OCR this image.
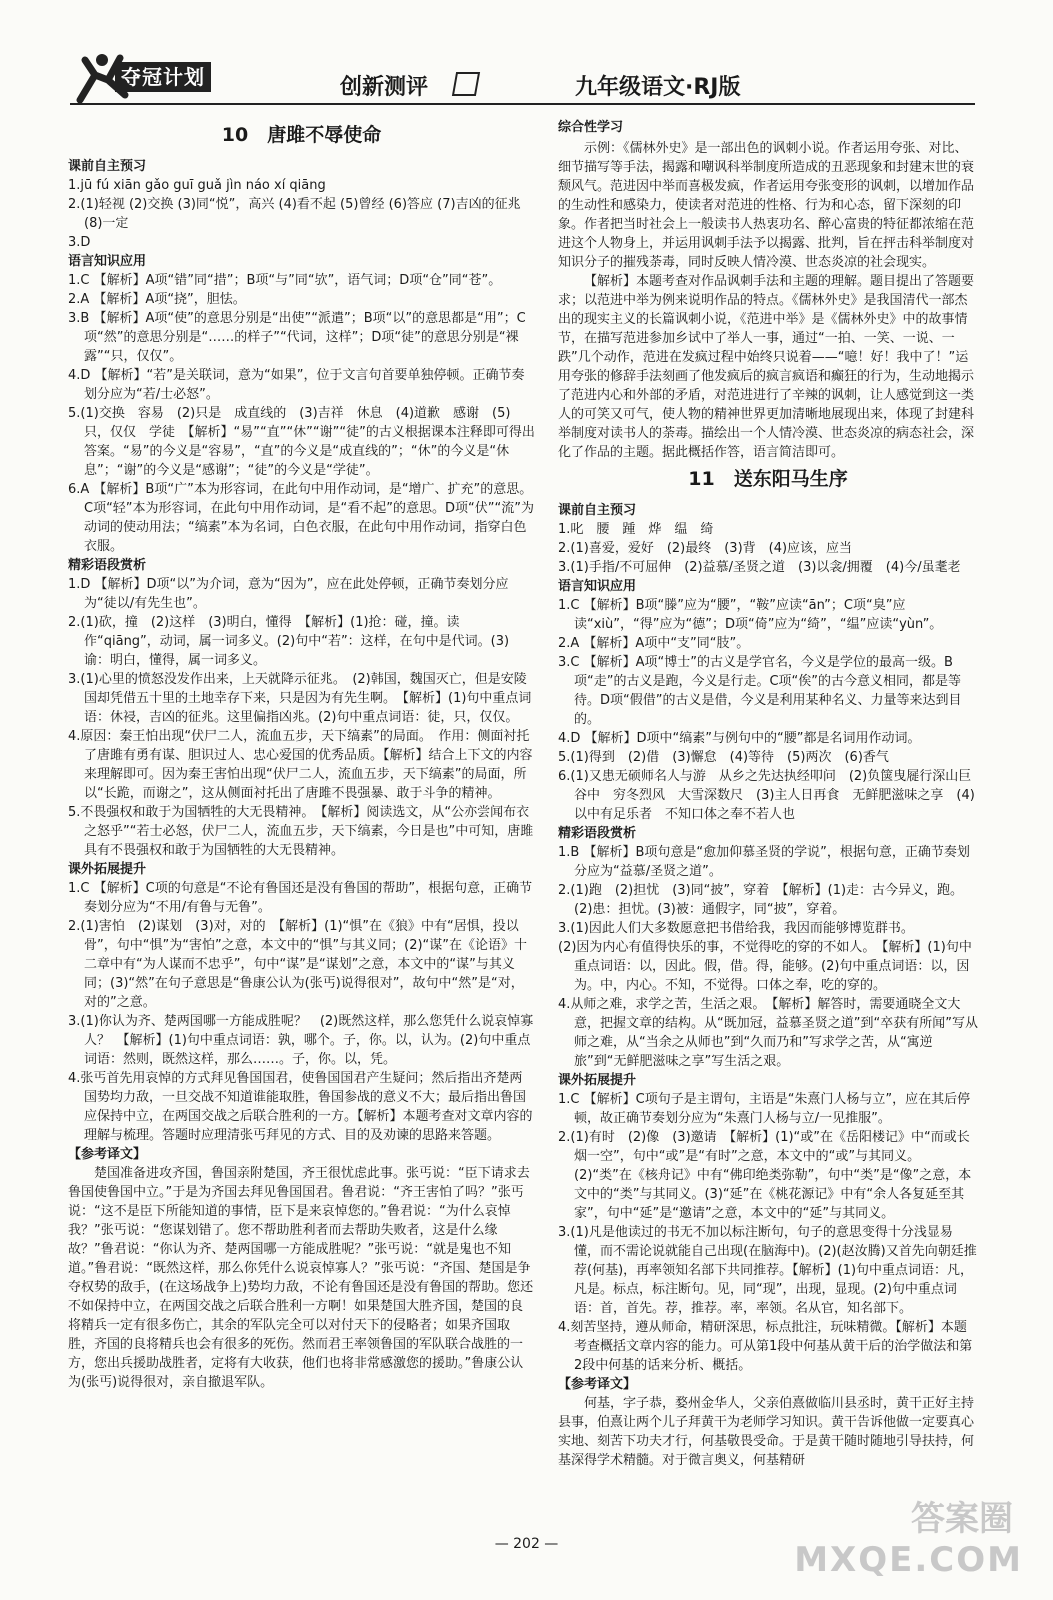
夺冠计划	创新测评	九年级语文·RJ版
10　唐雎不辱使命
课前自主预习
1.jū fú xiān gǎo guī guǎ jìn náo xí qiāng
2.(1)轻视 (2)交换 (3)同“悦”，高兴 (4)看不起 (5)曾经 (6)答应 (7)吉凶的征兆 (8)一定
3.D
语言知识应用
1.C 【解析】A项“错”同“措”；B项“与”同“欤”，语气词；D项“仓”同“苍”。
2.A 【解析】A项“挠”，胆怯。
3.B 【解析】A项“使”的意思分别是“出使”“派遣”；B项“以”的意思都是“用”；C项“然”的意思分别是“……的样子”“代词，这样”；D项“徒”的意思分别是“裸露”“只，仅仅”。
4.D 【解析】“若”是关联词，意为“如果”，位于文言句首要单独停顿。正确节奏划分应为“若/士必怒”。
5.(1)交换　容易　(2)只是　成直线的　(3)吉祥　休息　(4)道歉　感谢　(5)只，仅仅　学徒　【解析】“易”“直”“休”“谢”“徒”的古义根据课本注释即可得出答案。“易”的今义是“容易”，“直”的今义是“成直线的”；“休”的今义是“休息”；“谢”的今义是“感谢”；“徒”的今义是“学徒”。
6.A 【解析】B项“广”本为形容词，在此句中用作动词，是“增广、扩充”的意思。C项“轻”本为形容词，在此句中用作动词，是“看不起”的意思。D项“伏”“流”为动词的使动用法；“缟素”本为名词，白色衣服，在此句中用作动词，指穿白色衣服。
精彩语段赏析
1.D 【解析】D项“以”为介词，意为“因为”，应在此处停顿，正确节奏划分应为“徒以/有先生也”。
2.(1)砍，撞　(2)这样　(3)明白，懂得　【解析】(1)抢：碰，撞。读作“qiāng”，动词，属一词多义。(2)句中“若”：这样，在句中是代词。(3)谕：明白，懂得，属一词多义。
3.(1)心里的愤怒没发作出来，上天就降示征兆。　(2)韩国，魏国灭亡，但是安陵国却凭借五十里的土地幸存下来，只是因为有先生啊。　【解析】(1)句中重点词语：休祲，吉凶的征兆。这里偏指凶兆。(2)句中重点词语：徒，只，仅仅。
4.原因：秦王怕出现“伏尸二人，流血五步，天下缟素”的局面。　作用：侧面衬托了唐雎有勇有谋、胆识过人、忠心爱国的优秀品质。【解析】结合上下文的内容来理解即可。因为秦王害怕出现“伏尸二人，流血五步，天下缟素”的局面，所以“长跪，而谢之”，这从侧面衬托出了唐雎不畏强暴、敢于斗争的精神。
5.不畏强权和敢于为国牺牲的大无畏精神。　【解析】阅读选文，从“公亦尝闻布衣之怒乎”“若士必怒，伏尸二人，流血五步，天下缟素，今日是也”中可知，唐雎具有不畏强权和敢于为国牺牲的大无畏精神。
课外拓展提升
1.C 【解析】C项的句意是“不论有鲁国还是没有鲁国的帮助”，根据句意，正确节奏划分应为“不用/有鲁与无鲁”。
2.(1)害怕　(2)谋划　(3)对，对的　【解析】(1)“惧”在《狼》中有“居惧，投以骨”，句中“惧”为“害怕”之意，本文中的“惧”与其义同；(2)“谋”在《论语》十二章中有“为人谋而不忠乎”，句中“谋”是“谋划”之意，本文中的“谋”与其义同；(3)“然”在句子意思是“鲁康公认为(张丐)说得很对”，故句中“然”是“对，对的”之意。
3.(1)你认为齐、楚两国哪一方能成胜呢？　(2)既然这样，那么您凭什么说哀悼寡人？　【解析】(1)句中重点词语：孰，哪个。子，你。以，认为。(2)句中重点词语：然则，既然这样，那么……。子，你。以，凭。
4.张丐首先用哀悼的方式拜见鲁国国君，使鲁国国君产生疑问；然后指出齐楚两国势均力敌，一旦交战不知道谁能取胜，鲁国参战的意义不大；最后指出鲁国应保持中立，在两国交战之后联合胜利的一方。【解析】本题考查对文章内容的理解与梳理。答题时应理清张丐拜见的方式、目的及劝谏的思路来答题。
【参考译文】
楚国准备进攻齐国，鲁国亲附楚国，齐王很忧虑此事。张丐说：“臣下请求去鲁国使鲁国中立。”于是为齐国去拜见鲁国国君。鲁君说：“齐王害怕了吗？”张丐说：“这不是臣下所能知道的事情，臣下是来哀悼您的。”鲁君说：“为什么哀悼我？”张丐说：“您谋划错了。您不帮助胜利者而去帮助失败者，这是什么缘故？”鲁君说：“你认为齐、楚两国哪一方能成胜呢？”张丐说：“就是鬼也不知道。”鲁君说：“既然这样，那么你凭什么说哀悼寡人？”张丐说：“齐国、楚国是争夺权势的敌手，(在这场战争上)势均力敌，不论有鲁国还是没有鲁国的帮助。您还不如保持中立，在两国交战之后联合胜利一方啊！如果楚国大胜齐国，楚国的良将精兵一定有很多伤亡，其余的军队完全可以对付天下的侵略者；如果齐国取胜，齐国的良将精兵也会有很多的死伤。然而君王率领鲁国的军队联合战胜的一方，您出兵援助战胜者，定将有大收获，他们也将非常感激您的援助。”鲁康公认为(张丐)说得很对，亲自撤退军队。
综合性学习
示例：《儒林外史》是一部出色的讽刺小说。作者运用夸张、对比、细节描写等手法，揭露和嘲讽科举制度所造成的丑恶现象和封建末世的衰颓风气。范进因中举而喜极发疯，作者运用夸张变形的讽刺，以增加作品的生动性和感染力，使读者对范进的性格、行为和心态，留下深刻的印象。作者把当时社会上一般读书人热衷功名、醉心富贵的特征都浓缩在范进这个人物身上，并运用讽刺手法予以揭露、批判，旨在抨击科举制度对知识分子的摧残荼毒，同时反映人情冷漠、世态炎凉的社会现实。
【解析】本题考查对作品讽刺手法和主题的理解。题目提出了答题要求；以范进中举为例来说明作品的特点。《儒林外史》是我国清代一部杰出的现实主义的长篇讽刺小说，《范进中举》是《儒林外史》中的故事情节，在描写范进参加乡试中了举人一事，通过“一拍、一笑、一说、一跌”几个动作，范进在发疯过程中始终只说着——“噫！好！我中了！”运用夸张的修辞手法刻画了他发疯后的疯言疯语和癫狂的行为，生动地揭示了范进内心和外部的矛盾，对范进进行了辛辣的讽刺，让人感觉到这一类人的可笑又可气，使人物的精神世界更加清晰地展现出来，体现了封建科举制度对读书人的荼毒。描绘出一个人情冷漠、世态炎凉的病态社会，深化了作品的主题。据此概括作答，语言简洁即可。
11　送东阳马生序
课前自主预习
1.叱　腰　踵　烨　缊　绮
2.(1)喜爱，爱好　(2)最终　(3)背　(4)应该，应当
3.(1)手指/不可屈伸　(2)益慕/圣贤之道　(3)以衾/拥覆　(4)今/虽耄老
语言知识应用
1.C 【解析】B项“滕”应为“腰”，“鞍”应读“ān”；C项“臭”应读“xiù”，“得”应为“德”；D项“倚”应为“绮”，“缊”应读“yùn”。
2.A 【解析】A项中“支”同“肢”。
3.C 【解析】A项“博士”的古义是学官名，今义是学位的最高一级。B项“走”的古义是跑，今义是行走。C项“俟”的古今意义相同，都是等待。D项“假借”的古义是借，今义是利用某种名义、力量等来达到目的。
4.D 【解析】D项中“缟素”与例句中的“腰”都是名词用作动词。
5.(1)得到　(2)借　(3)懈怠　(4)等待　(5)两次　(6)香气
6.(1)又患无硕师名人与游　从乡之先达执经叩问　(2)负箧曳屣行深山巨谷中　穷冬烈风　大雪深数尺　(3)主人日再食　无鲜肥滋味之享　(4)以中有足乐者　不知口体之奉不若人也
精彩语段赏析
1.B 【解析】B项句意是“愈加仰慕圣贤的学说”，根据句意，正确节奏划分应为“益慕/圣贤之道”。
2.(1)跑　(2)担忧　(3)同“披”，穿着　【解析】(1)走：古今异义，跑。(2)患：担忧。(3)被：通假字，同“披”，穿着。
3.(1)因此人们大多数愿意把书借给我，我因而能够博览群书。
(2)因为内心有值得快乐的事，不觉得吃的穿的不如人。　【解析】(1)句中重点词语：以，因此。假，借。得，能够。(2)句中重点词语：以，因为。中，内心。不知，不觉得。口体之奉，吃的穿的。
4.从师之难，求学之苦，生活之艰。　【解析】解答时，需要通晓全文大意，把握文章的结构。从“既加冠，益慕圣贤之道”到“卒获有所闻”写从师之难，从“当余之从师也”到“久而乃和”写求学之苦，从“寓逆旅”到“无鲜肥滋味之享”写生活之艰。
课外拓展提升
1.C 【解析】C项句子是主谓句，主语是“朱熹门人杨与立”，应在其后停顿，故正确节奏划分应为“朱熹门人杨与立/一见推服”。
2.(1)有时　(2)像　(3)邀请　【解析】(1)“或”在《岳阳楼记》中“而或长烟一空”，句中“或”是“有时”之意，本文中的“或”与其同义。(2)“类”在《核舟记》中有“佛印绝类弥勒”，句中“类”是“像”之意，本文中的“类”与其同义。(3)“延”在《桃花源记》中有“余人各复延至其家”，句中“延”是“邀请”之意，本文中的“延”与其同义。
3.(1)凡是他读过的书无不加以标注断句，句子的意思变得十分浅显易懂，而不需论说就能自己出现(在脑海中)。(2)(赵汝腾)又首先向朝廷推荐(何基)，再率领知名部下共同推荐。【解析】(1)句中重点词语：凡，凡是。标点，标注断句。见，同“现”，出现，显现。(2)句中重点词语：首，首先。荐，推荐。率，率领。名从官，知名部下。
4.刻苦坚持，遵从师命，精研深思，标点批注，玩味精微。【解析】本题考查概括文章内容的能力。可从第1段中何基从黄干后的治学做法和第2段中何基的话来分析、概括。
【参考译文】
何基，字子恭，婺州金华人，父亲伯熹做临川县丞时，黄干正好主持县事，伯熹让两个儿子拜黄干为老师学习知识。黄干告诉他做一定要真心实地、刻苦下功夫才行，何基敬畏受命。于是黄干随时随地引导扶持，何基深得学术精髓。对于微言奥义，何基精研
— 202 —
答案圈
MXQE.COM
